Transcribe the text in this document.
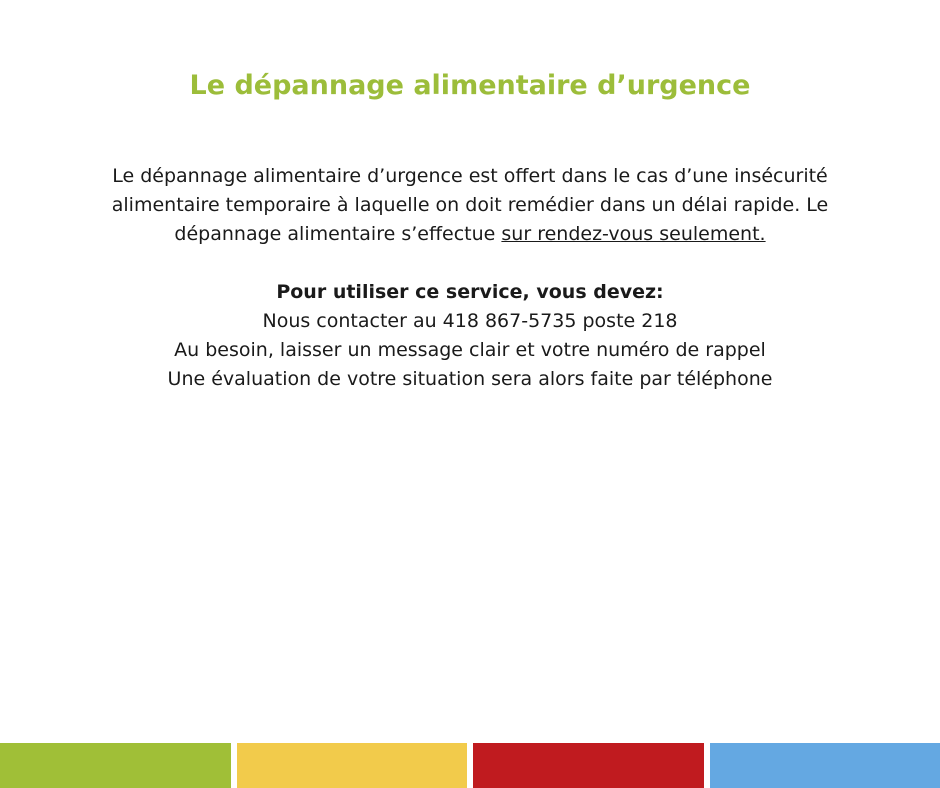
Le dépannage alimentaire d’urgence

Le dépannage alimentaire d’urgence est offert dans le cas d’une insécurité alimentaire temporaire à laquelle on doit remédier dans un délai rapide. Le dépannage alimentaire s’effectue sur rendez-vous seulement.

Pour utiliser ce service, vous devez:
Nous contacter au 418 867-5735 poste 218
Au besoin, laisser un message clair et votre numéro de rappel
Une évaluation de votre situation sera alors faite par téléphone
